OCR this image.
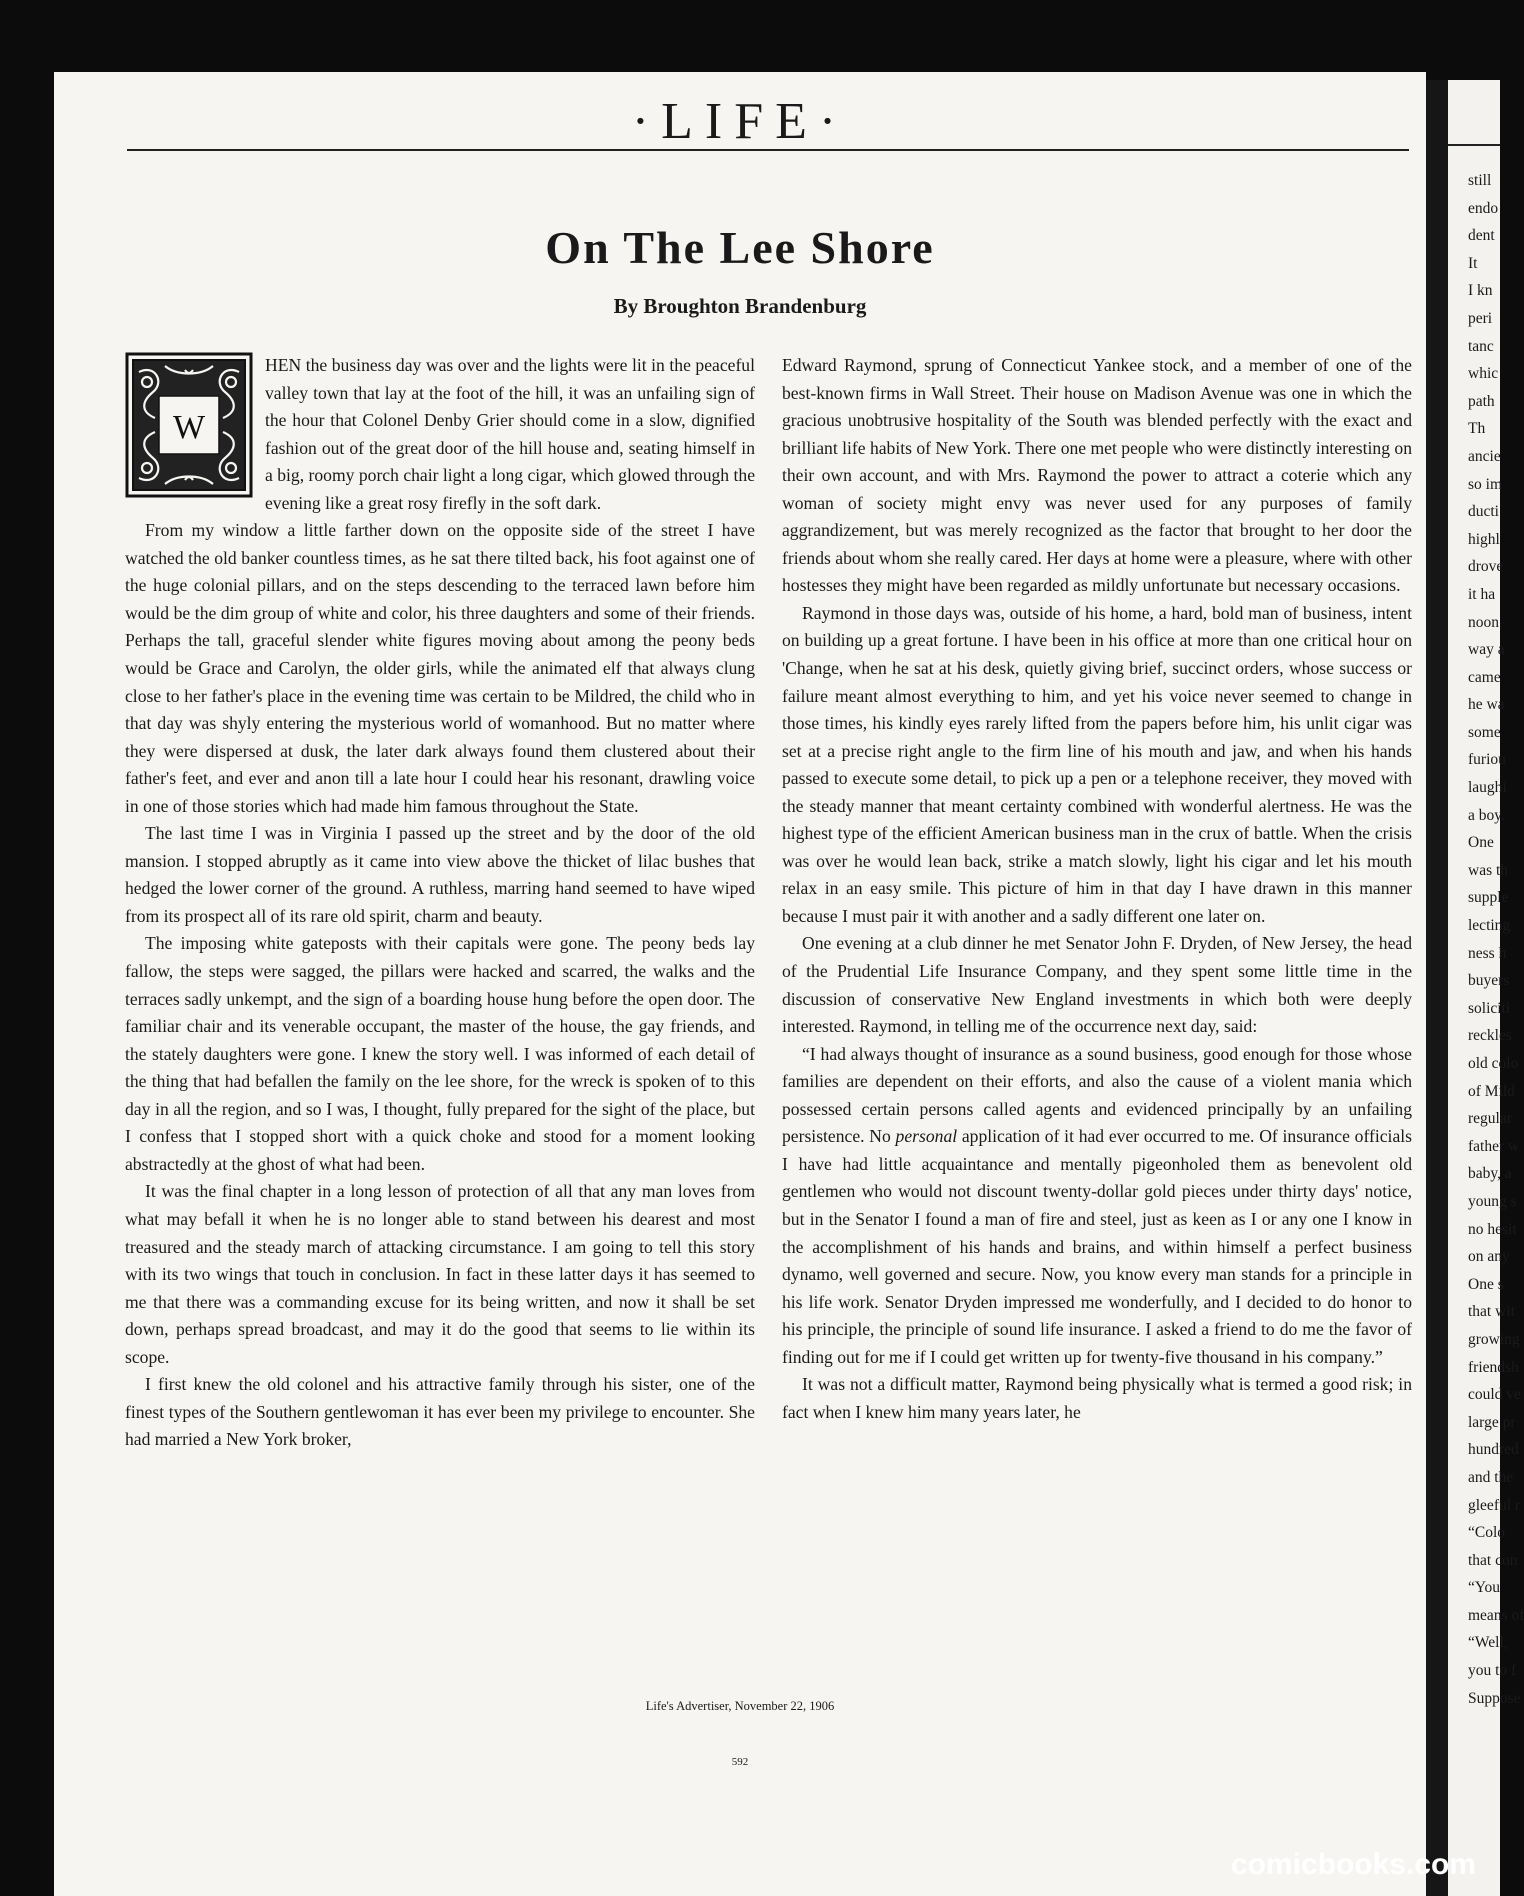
·LIFE·
On The Lee Shore
By Broughton Brandenburg
W

HEN the business day was over and the lights were lit in the peaceful valley town that lay at the foot of the hill, it was an unfailing sign of the hour that Colonel Denby Grier should come in a slow, dignified fashion out of the great door of the hill house and, seating himself in a big, roomy porch chair light a long cigar, which glowed through the evening like a great rosy firefly in the soft dark.

From my window a little farther down on the opposite side of the street I have watched the old banker countless times, as he sat there tilted back, his foot against one of the huge colonial pillars, and on the steps descending to the terraced lawn before him would be the dim group of white and color, his three daughters and some of their friends. Perhaps the tall, graceful slender white figures moving about among the peony beds would be Grace and Carolyn, the older girls, while the animated elf that always clung close to her father's place in the evening time was certain to be Mildred, the child who in that day was shyly entering the mysterious world of womanhood. But no matter where they were dispersed at dusk, the later dark always found them clustered about their father's feet, and ever and anon till a late hour I could hear his resonant, drawling voice in one of those stories which had made him famous throughout the State.

The last time I was in Virginia I passed up the street and by the door of the old mansion. I stopped abruptly as it came into view above the thicket of lilac bushes that hedged the lower corner of the ground. A ruthless, marring hand seemed to have wiped from its prospect all of its rare old spirit, charm and beauty.

The imposing white gateposts with their capitals were gone. The peony beds lay fallow, the steps were sagged, the pillars were hacked and scarred, the walks and the terraces sadly unkempt, and the sign of a boarding house hung before the open door. The familiar chair and its venerable occupant, the master of the house, the gay friends, and the stately daughters were gone. I knew the story well. I was informed of each detail of the thing that had befallen the family on the lee shore, for the wreck is spoken of to this day in all the region, and so I was, I thought, fully prepared for the sight of the place, but I confess that I stopped short with a quick choke and stood for a moment looking abstractedly at the ghost of what had been.

It was the final chapter in a long lesson of protection of all that any man loves from what may befall it when he is no longer able to stand between his dearest and most treasured and the steady march of attacking circumstance. I am going to tell this story with its two wings that touch in conclusion. In fact in these latter days it has seemed to me that there was a commanding excuse for its being written, and now it shall be set down, perhaps spread broadcast, and may it do the good that seems to lie within its scope.

I first knew the old colonel and his attractive family through his sister, one of the finest types of the Southern gentlewoman it has ever been my privilege to encounter. She had married a New York broker,

Edward Raymond, sprung of Connecticut Yankee stock, and a member of one of the best-known firms in Wall Street. Their house on Madison Avenue was one in which the gracious unobtrusive hospitality of the South was blended perfectly with the exact and brilliant life habits of New York. There one met people who were distinctly interesting on their own account, and with Mrs. Raymond the power to attract a coterie which any woman of society might envy was never used for any purposes of family aggrandizement, but was merely recognized as the factor that brought to her door the friends about whom she really cared. Her days at home were a pleasure, where with other hostesses they might have been regarded as mildly unfortunate but necessary occasions.

Raymond in those days was, outside of his home, a hard, bold man of business, intent on building up a great fortune. I have been in his office at more than one critical hour on 'Change, when he sat at his desk, quietly giving brief, succinct orders, whose success or failure meant almost everything to him, and yet his voice never seemed to change in those times, his kindly eyes rarely lifted from the papers before him, his unlit cigar was set at a precise right angle to the firm line of his mouth and jaw, and when his hands passed to execute some detail, to pick up a pen or a telephone receiver, they moved with the steady manner that meant certainty combined with wonderful alertness. He was the highest type of the efficient American business man in the crux of battle. When the crisis was over he would lean back, strike a match slowly, light his cigar and let his mouth relax in an easy smile. This picture of him in that day I have drawn in this manner because I must pair it with another and a sadly different one later on.

One evening at a club dinner he met Senator John F. Dryden, of New Jersey, the head of the Prudential Life Insurance Company, and they spent some little time in the discussion of conservative New England investments in which both were deeply interested. Raymond, in telling me of the occurrence next day, said:

“I had always thought of insurance as a sound business, good enough for those whose families are dependent on their efforts, and also the cause of a violent mania which possessed certain persons called agents and evidenced principally by an unfailing persistence. No personal application of it had ever occurred to me. Of insurance officials I have had little acquaintance and mentally pigeonholed them as benevolent old gentlemen who would not discount twenty-dollar gold pieces under thirty days' notice, but in the Senator I found a man of fire and steel, just as keen as I or any one I know in the accomplishment of his hands and brains, and within himself a perfect business dynamo, well governed and secure. Now, you know every man stands for a principle in his life work. Senator Dryden impressed me wonderfully, and I decided to do honor to his principle, the principle of sound life insurance. I asked a friend to do me the favor of finding out for me if I could get written up for twenty-five thousand in his company.”

It was not a difficult matter, Raymond being physically what is termed a good risk; in fact when I knew him many years later, he

Life's Advertiser, November 22, 1906
592
still
endo
dent
It
I kn
peri
tanc
whic
path
Th
ancie
so im
ducti
highl
drove
it ha
noon
way a
came
he wa
some
furiou
laughi
a boy.
One
was th
supple
lecting
ness h
buyers
soliciti
reckles
old colo
of Mild
regular
father w
baby, a
young s
no hesit
on any
One s
that wit
growing
friendsh
could ve
large pr
hundred
and the
gleeful r
“Colo
that con
“You
means of
“Well,
you to f
Suppose
comicbooks.com
